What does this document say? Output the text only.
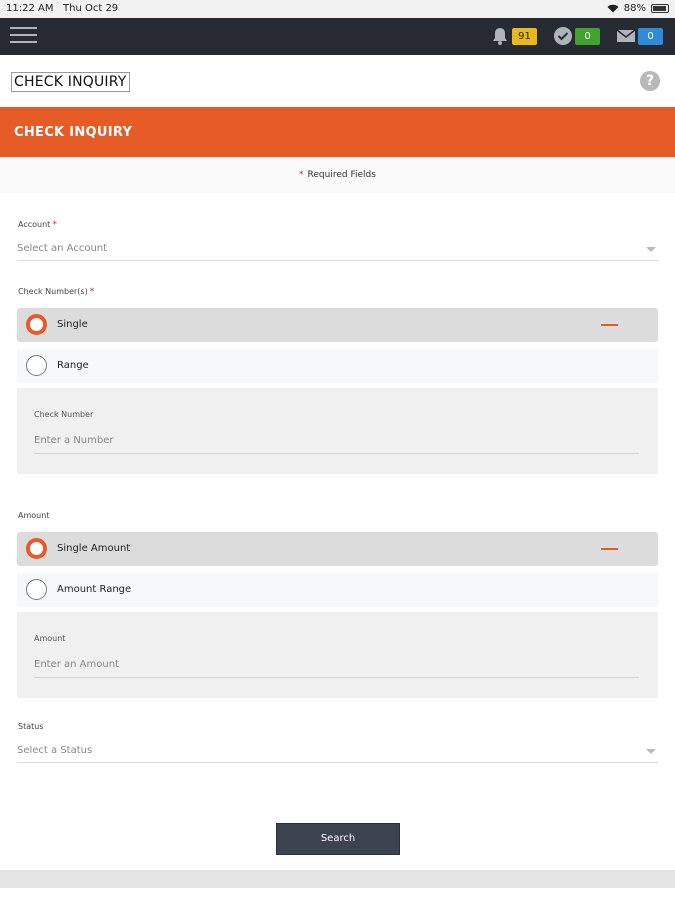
11:22 AM Thu Oct 29	88%
91	0	0
CHECK INQUIRY	?
CHECK INQUIRY
* Required Fields
Account *
Select an Account
Check Number(s) *
Single
Range
Check Number
Enter a Number
Amount
Single Amount
Amount Range
Amount
Enter an Amount
Status
Select a Status
Search
